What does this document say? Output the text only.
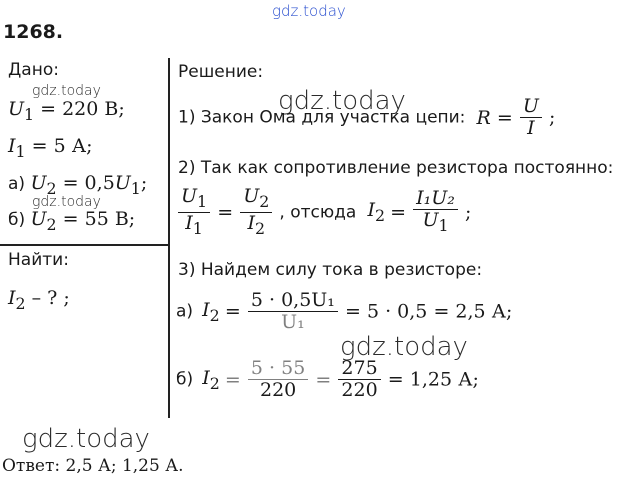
gdz.today
1268.
Дано:
gdz.today
$U_1 = 220$ В;
$I_1 = 5$ А;
а) $U_2 = 0,5U_1$;
gdz.today
б) $U_2 = 55$ В;
Найти:
$I_2$ – ? ;
Решение:
gdz.today
1) Закон Ома для участка цепи: $R = \frac{U}{I}$ ;
2) Так как сопротивление резистора постоянно:
$\frac{U_1}{I_1} = \frac{U_2}{I_2}$ , отсюда $I_2 = \frac{\text{I₁U₂}}{U_1}$ ;
3) Найдем силу тока в резисторе:
а) $I_2 = \frac{\text{5 · 0,5U₁}}{\text{U₁}} = 5 \cdot 0,5 = 2,5$ А;
gdz.today
б) $I_2 = \frac{5 \cdot 55}{220} = \frac{275}{220} = 1,25$ А;
gdz.today
Ответ: 2,5 А; 1,25 А.
